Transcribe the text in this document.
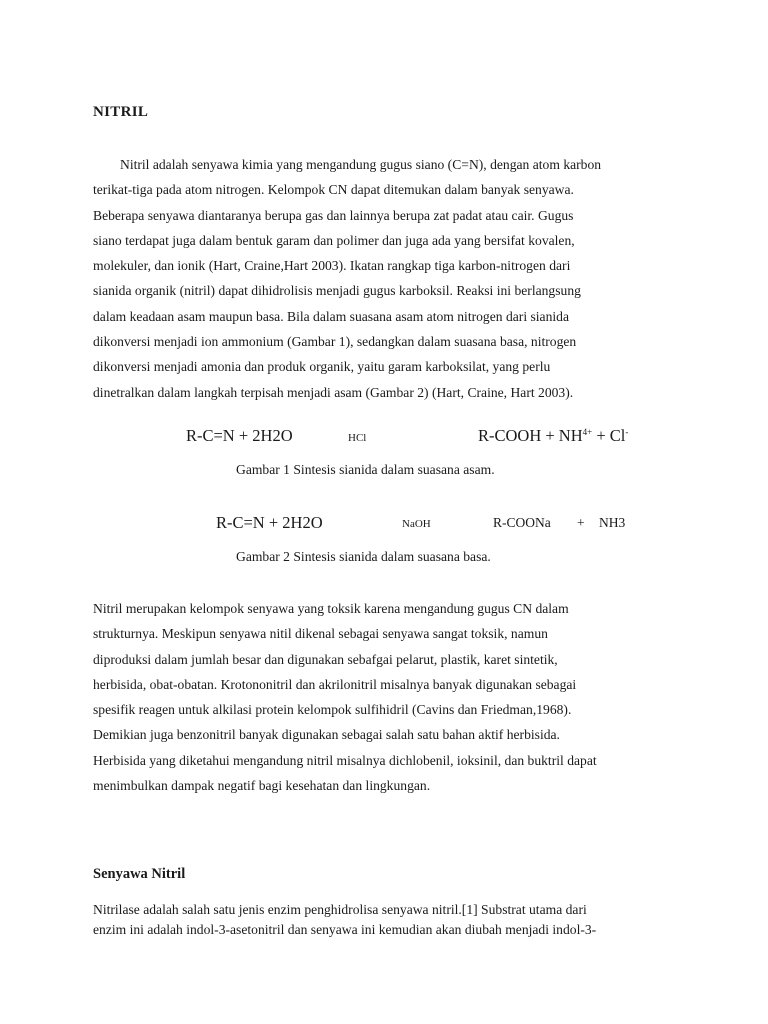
NITRIL
Nitril adalah senyawa kimia yang mengandung gugus siano (C=N), dengan atom karbon
terikat-tiga pada atom nitrogen. Kelompok CN dapat ditemukan dalam banyak senyawa.
Beberapa senyawa diantaranya berupa gas dan lainnya berupa zat padat atau cair. Gugus
siano terdapat juga dalam bentuk garam dan polimer dan juga ada yang bersifat kovalen,
molekuler, dan ionik (Hart, Craine,Hart 2003). Ikatan rangkap tiga karbon-nitrogen dari
sianida organik (nitril) dapat dihidrolisis menjadi gugus karboksil. Reaksi ini berlangsung
dalam keadaan asam maupun basa. Bila dalam suasana asam atom nitrogen dari sianida
dikonversi menjadi ion ammonium (Gambar 1), sedangkan dalam suasana basa, nitrogen
dikonversi menjadi amonia dan produk organik, yaitu garam karboksilat, yang perlu
dinetralkan dalam langkah terpisah menjadi asam (Gambar 2) (Hart, Craine, Hart 2003).
R-C=N + 2H2O	HCl	R-COOH + $NH^{4+} + Cl^-$

Gambar 1 Sintesis sianida dalam suasana asam.

R-C=N + 2H2O	NaOH	R-COONa + NH3

Gambar 2 Sintesis sianida dalam suasana basa.

Nitril merupakan kelompok senyawa yang toksik karena mengandung gugus CN dalam
strukturnya. Meskipun senyawa nitil dikenal sebagai senyawa sangat toksik, namun
diproduksi dalam jumlah besar dan digunakan sebafgai pelarut, plastik, karet sintetik,
herbisida, obat-obatan. Krotononitril dan akrilonitril misalnya banyak digunakan sebagai
spesifik reagen untuk alkilasi protein kelompok sulfihidril (Cavins dan Friedman,1968).
Demikian juga benzonitril banyak digunakan sebagai salah satu bahan aktif herbisida.
Herbisida yang diketahui mengandung nitril misalnya dichlobenil, ioksinil, dan buktril dapat
menimbulkan dampak negatif bagi kesehatan dan lingkungan.
Senyawa Nitril
Nitrilase adalah salah satu jenis enzim penghidrolisa senyawa nitril.[1] Substrat utama dari
enzim ini adalah indol-3-asetonitril dan senyawa ini kemudian akan diubah menjadi indol-3-
